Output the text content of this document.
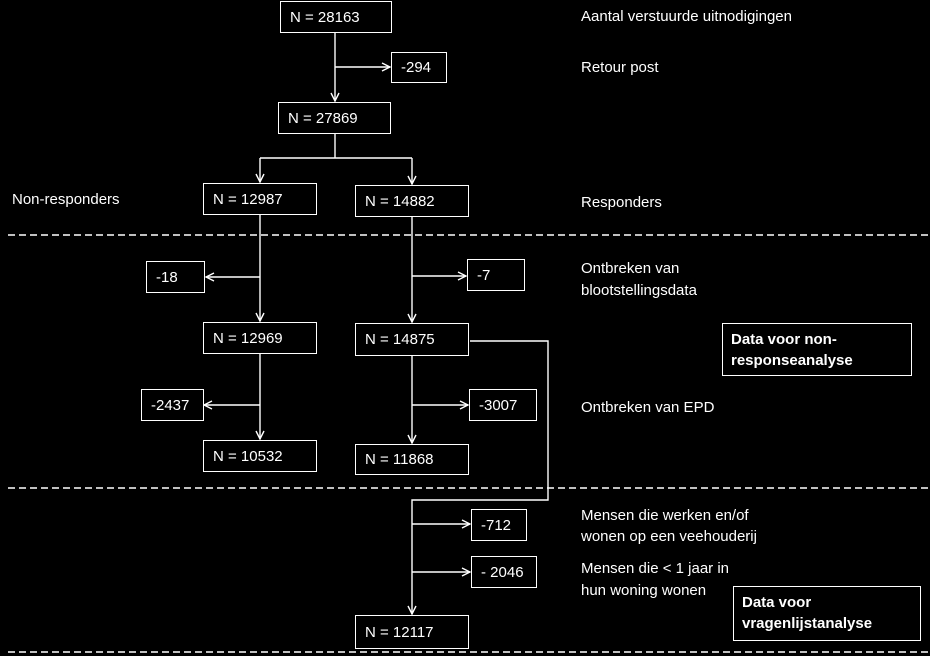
N = 28163
-294
N = 27869
N = 12987	N = 14882
-18	-7
N = 12969	N = 14875
-2437	-3007
N = 10532	N = 11868
-712
- 2046
N = 12117
Aantal verstuurde uitnodigingen
Retour post
Non-responders	Responders
Ontbreken van
blootstellingsdata
Ontbreken van EPD
Mensen die werken en/of
wonen op een veehouderij
Mensen die < 1 jaar in
hun woning wonen
Data voor non-
responseanalyse
Data voor
vragenlijstanalyse
